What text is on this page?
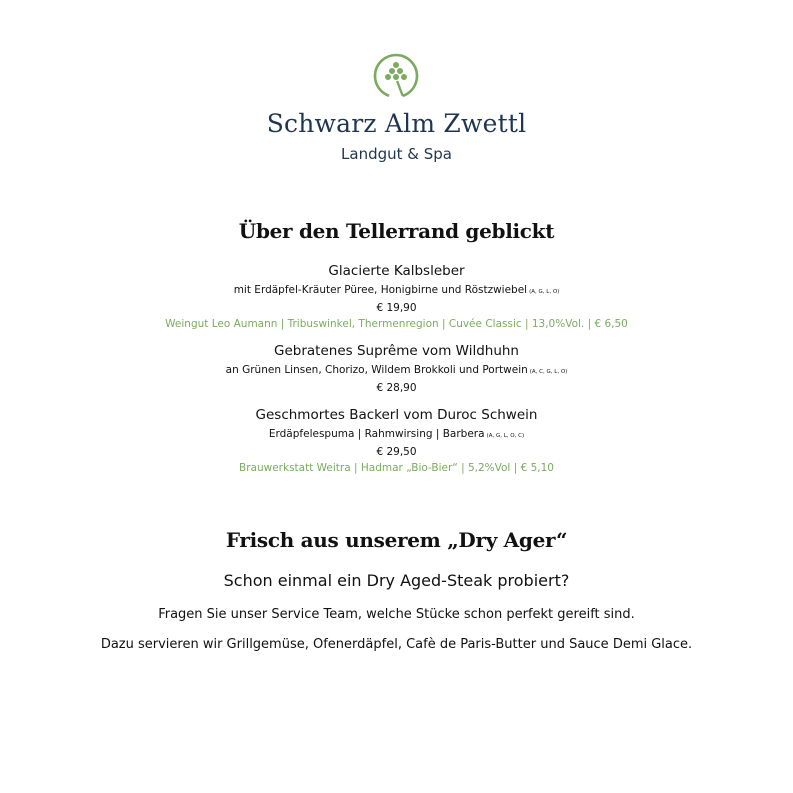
Schwarz Alm Zwettl
Landgut & Spa
Über den Tellerrand geblickt
Glacierte Kalbsleber
mit Erdäpfel-Kräuter Püree, Honigbirne und Röstzwiebel (A, G, L, O)
€ 19,90
Weingut Leo Aumann | Tribuswinkel, Thermenregion | Cuvée Classic | 13,0%Vol. | € 6,50
Gebratenes Suprême vom Wildhuhn
an Grünen Linsen, Chorizo, Wildem Brokkoli und Portwein (A, C, G, L, O)
€ 28,90
Geschmortes Backerl vom Duroc Schwein
Erdäpfelespuma | Rahmwirsing | Barbera (A, G, L, O, C)
€ 29,50
Brauwerkstatt Weitra | Hadmar „Bio-Bier“ | 5,2%Vol | € 5,10
Frisch aus unserem „Dry Ager“
Schon einmal ein Dry Aged-Steak probiert?
Fragen Sie unser Service Team, welche Stücke schon perfekt gereift sind.
Dazu servieren wir Grillgemüse, Ofenerdäpfel, Cafè de Paris-Butter und Sauce Demi Glace.
